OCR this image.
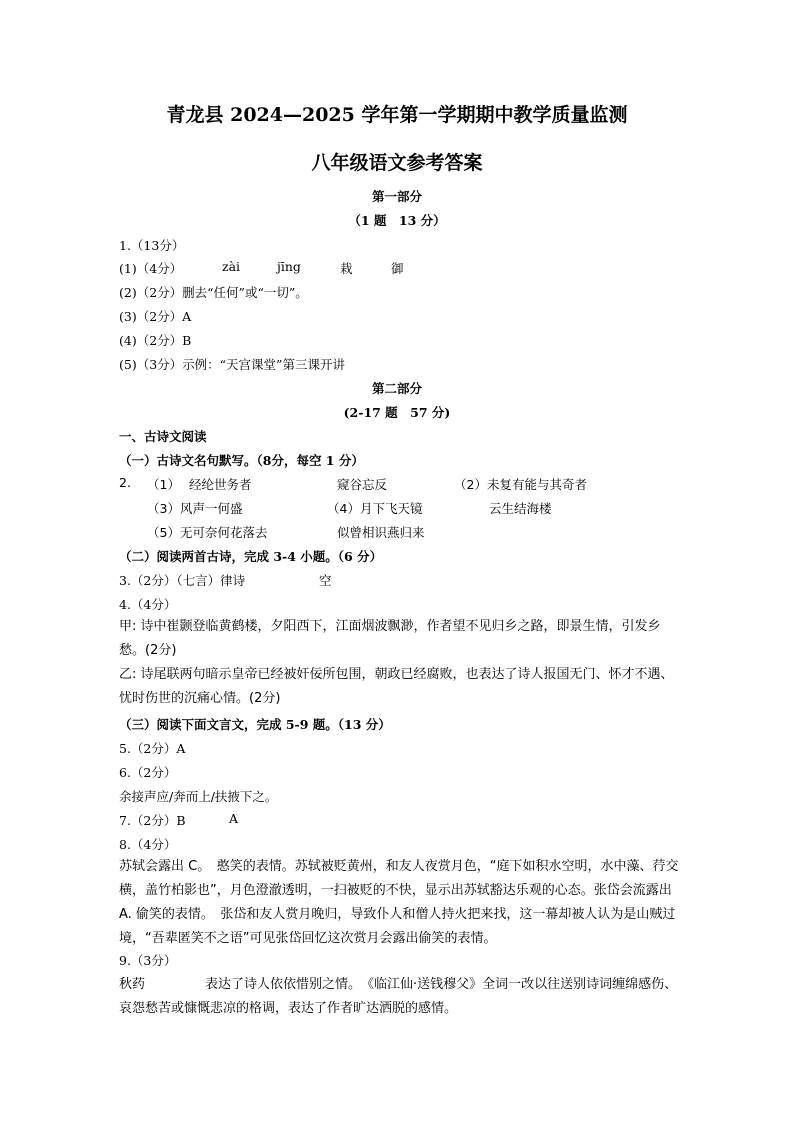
青龙县 2024—2025 学年第一学期期中教学质量监测
八年级语文参考答案
第一部分
（1 题　13 分）
1.（13分）
(1)（4分）	zài	jīng	栽	御
(2)（2分）删去“任何”或“一切”。
(3)（2分）A
(4)（2分）B
(5)（3分）示例：“天宫课堂”第三课开讲
第二部分
(2-17 题　57 分)
一、古诗文阅读
（一）古诗文名句默写。（8分，每空 1 分）
2. （1） 经纶世务者	窥谷忘反	（2）未复有能与其奇者
（3）风声一何盛	（4）月下飞天镜	云生结海楼
（5）无可奈何花落去	似曾相识燕归来
（二）阅读两首古诗，完成 3-4 小题。（6 分）
3.（2分）（七言）律诗	空
4.（4分）
甲: 诗中崔颢登临黄鹤楼，夕阳西下，江面烟波飘渺，作者望不见归乡之路，即景生情，引发乡愁。(2分)
乙: 诗尾联两句暗示皇帝已经被奸佞所包围，朝政已经腐败，也表达了诗人报国无门、怀才不遇、忧时伤世的沉痛心情。(2分)
（三）阅读下面文言文，完成 5-9 题。（13 分）
5.（2分）A
6.（2分）
余接声应/奔而上/扶掖下之。
7.（2分）B	A
8.（4分）
苏轼会露出 C。　憨笑的表情。苏轼被贬黄州，和友人夜赏月色，“庭下如积水空明，水中藻、荇交横，盖竹柏影也”，月色澄澈透明，一扫被贬的不快，显示出苏轼豁达乐观的心态。张岱会流露出 A. 偷笑的表情。　张岱和友人赏月晚归，导致仆人和僧人持火把来找，这一幕却被人认为是山贼过境，“吾辈匿笑不之语”可见张岱回忆这次赏月会露出偷笑的表情。
9.（3分）
秋药	表达了诗人依依惜别之情。　《临江仙·送钱穆父》全词一改以往送别诗词缠绵感伤、哀怨愁苦或慷慨悲凉的格调，表达了作者旷达洒脱的感情。
